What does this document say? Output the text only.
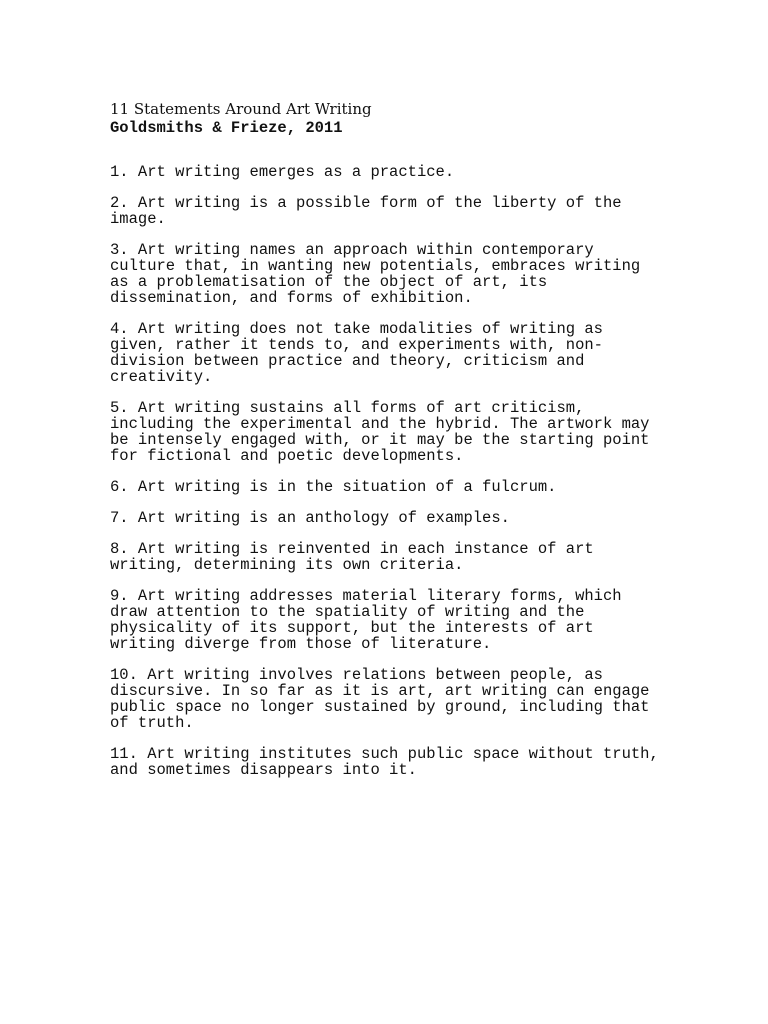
11 Statements Around Art Writing
Goldsmiths & Frieze, 2011
1. Art writing emerges as a practice.
2. Art writing is a possible form of the liberty of the
image.
3. Art writing names an approach within contemporary
culture that, in wanting new potentials, embraces writing
as a problematisation of the object of art, its
dissemination, and forms of exhibition.
4. Art writing does not take modalities of writing as
given, rather it tends to, and experiments with, non-
division between practice and theory, criticism and
creativity.
5. Art writing sustains all forms of art criticism,
including the experimental and the hybrid. The artwork may
be intensely engaged with, or it may be the starting point
for fictional and poetic developments.
6. Art writing is in the situation of a fulcrum.
7. Art writing is an anthology of examples.
8. Art writing is reinvented in each instance of art
writing, determining its own criteria.
9. Art writing addresses material literary forms, which
draw attention to the spatiality of writing and the
physicality of its support, but the interests of art
writing diverge from those of literature.
10. Art writing involves relations between people, as
discursive. In so far as it is art, art writing can engage
public space no longer sustained by ground, including that
of truth.
11. Art writing institutes such public space without truth,
and sometimes disappears into it.
